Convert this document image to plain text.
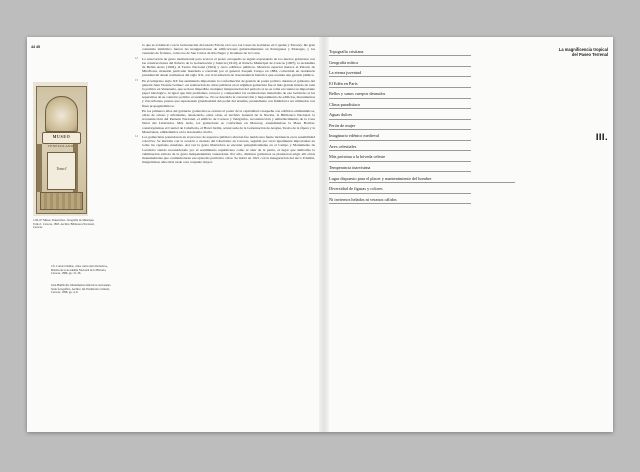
44 45
MUSEO
VENEZOLANO
Tomo I
1.66–67 Museo Venezolano. Litografía de Manrique. Tomo I. Caracas, 1865. Archivo Biblioteca Nacional, Caracas.
Cfr. Carrera Damas, «Dos cartas del Libertador», Boletín de la Academia Nacional de la Historia, Caracas, 1886, pp. 31–36.
Juan Humboldt, Monumentos históricos nacionales. Serie fotográfica. Archivo del Patrimonio Cultural, Caracas, 1998, pp. 4–9.

lo que se evidenció con la Gobernación del estado Falcón en Coro, las Casas de Gobierno en Cojedes y Yaracuy. De gran contenido simbólico fueron las inauguraciones de edificaciones gubernamentales en Portuguesa y Monagas, y los cuarteles de frontera, como los de San Carlos de Río Negro y Ocumare de la Costa.

12 La renovación de gesto institucional para acercar el poder caraqueño se siguió expresando en los nuevos gobiernos con las construcciones del Palacio de la Gobernación y Justicia (1910), el Palacio Municipal de Caracas (1907), la Academia de Bellas Artes (1904), el Teatro Nacional (1904) y otros edificios públicos. Mención especial merece el Palacio de Miraflores, mansión particular mandada a construir por el general Joaquín Crespo en 1884, convertida en residencia presidencial desde comienzos del siglo XX, con la irradiación de trascendencia histórica que acentúa una gestión pública.

13 En el temprano siglo XX fue asumiendo importante la conformación de gestión de poder político durante el gobierno del general Juan Vicente Gómez: «la realización de obras públicas en el régimen gomecista fue el más grande interés de toda la política en Venezuela, que se hace imposible cualquier interpretación del período si no se toma en cuenta su importante papel ideológico, al igual que mal podríamos conocer y comprender las realizaciones materiales de ese Gobierno si las separamos de su contexto político económico». No se descuida la construcción y mejoramiento de edificios, monumentos y vías urbanas, puesto que representan grandiosidad del poder del sistema, pretendiente con fidelidad a ser utilizados con fines propagandísticos.

En los primeros años del gobierno gomecista se orientó el poder de la capitalidad caraqueña con edificios emblemáticos, obras de ornato y urbanismo, destacando, entre otras, el Archivo General de la Nación, la Biblioteca Nacional, la reconstrucción del Panteón Nacional, el edificio de Correos y Telégrafos, reconstrucción y embellecimiento de la Casa Natal del Libertador. Más tarde, los gomecistas se conforman en Maracay, extendiéndose la Plaza Bolívar, construyéndose el Cuartel de Caballería, el Hotel Jardín, actual sede de la Gobernación de Aragua, Teatro de la Ópera y la Maestranza, emblemática en la taxonomía criolla.

14 Los gomecistas potenciaron en el proceso de espacios públicos ahorran fue tenido una fuerte incidencia en la sensibilidad colectiva. Se iniciaba con la oración a cuentas del Libertador en Caracas, seguida por otras igualmente importantes en todas las capitales estadales. Así vez la gesta libertadora se encarnó paisajísticamente en el Campo y Monumento de Carabobo siendo reconsiderado por el sentimiento republicano como el altar de la patria, el lugar que simboliza la culminación exitosa de la gesta independentista venezolana. Por ello, distintos gobiernos se plantearon erigir allí obras monumentales que conmemoraran ese episodio patriótico clave. Se inició en 1921 con la inauguración del Arco Triunfal, integrándose años más tarde a un conjunto mayor.

Topografía cristiana
Geografía mítica
La eterna juventud
El Edén en París
Bellos y sanos cuerpos desnudos
Clima paradisíaco
Aguas dulces
Perón de mujer
Imaginario edénico medieval
Aves celestiales
Más próxima a la bóveda celeste
Temperancia inarvisima
Lugar dispuesto para el placer y mantenimiento del hombre
Diversidad de figuras y colores
Ni inviernos helados ni veranos cálidos
La magnificencia tropical
del Paseo Terrenal
III.
